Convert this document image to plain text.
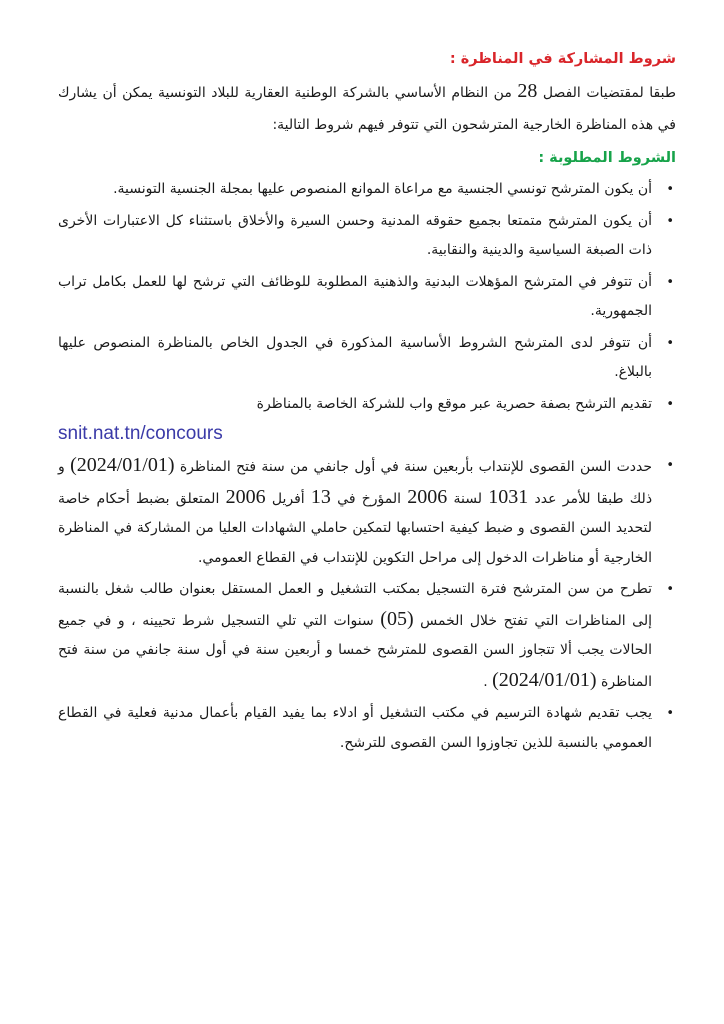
شروط المشاركة في المناظرة :

طبقا لمقتضيات الفصل 28 من النظام الأساسي بالشركة الوطنية العقارية للبلاد التونسية يمكن أن يشارك في هذه المناظرة الخارجية المترشحون التي تتوفر فيهم شروط التالية:

الشروط المطلوبة :
•
أن يكون المترشح تونسي الجنسية مع مراعاة الموانع المنصوص عليها بمجلة الجنسية التونسية.
•
أن يكون المترشح متمتعا بجميع حقوقه المدنية وحسن السيرة والأخلاق باستثناء كل الاعتبارات الأخرى ذات الصبغة السياسية والدينية والنقابية.
•
أن تتوفر في المترشح المؤهلات البدنية والذهنية المطلوبة للوظائف التي ترشح لها للعمل بكامل تراب الجمهورية.
•
أن تتوفر لدى المترشح الشروط الأساسية المذكورة في الجدول الخاص بالمناظرة المنصوص عليها بالبلاغ.
•
تقديم الترشح بصفة حصرية عبر موقع واب للشركة الخاصة بالمناظرة
snit.nat.tn/concours
•
حددت السن القصوى للإنتداب بأربعين سنة في أول جانفي من سنة فتح المناظرة (2024/01/01) و ذلك طبقا للأمر عدد 1031 لسنة 2006 المؤرخ في 13 أفريل 2006 المتعلق بضبط أحكام خاصة لتحديد السن القصوى و ضبط كيفية احتسابها لتمكين حاملي الشهادات العليا من المشاركة في المناظرة الخارجية أو مناظرات الدخول إلى مراحل التكوين للإنتداب في القطاع العمومي.
•
تطرح من سن المترشح فترة التسجيل بمكتب التشغيل و العمل المستقل بعنوان طالب شغل بالنسبة إلى المناظرات التي تفتح خلال الخمس (05) سنوات التي تلي التسجيل شرط تحيينه ، و في جميع الحالات يجب ألا تتجاوز السن القصوى للمترشح خمسا و أربعين سنة في أول سنة جانفي من سنة فتح المناظرة (2024/01/01) .
•
يجب تقديم شهادة الترسيم في مكتب التشغيل أو ادلاء بما يفيد القيام بأعمال مدنية فعلية في القطاع العمومي بالنسبة للذين تجاوزوا السن القصوى للترشح.
